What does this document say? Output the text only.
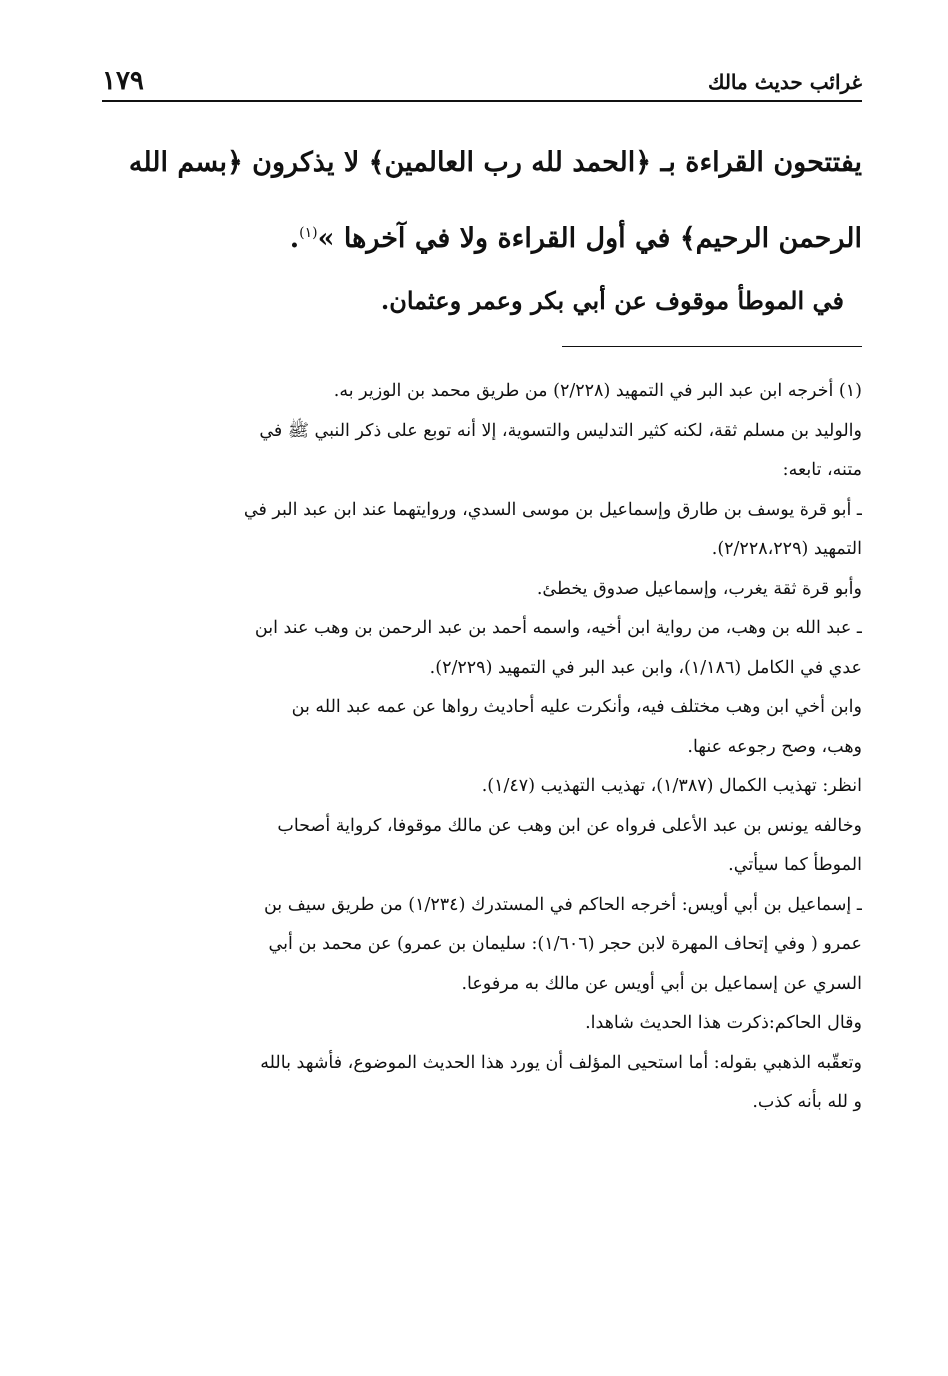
غرائب حديث مالك
١٧٩
يفتتحون القراءة بـ ﴿الحمد لله رب العالمين﴾ لا يذكرون ﴿بسم الله
الرحمن الرحيم﴾ في أول القراءة ولا في آخرها »$^{(١)}$.
في الموطأ موقوف عن أبي بكر وعمر وعثمان.
(١) أخرجه ابن عبد البر في التمهيد (٢/٢٢٨) من طريق محمد بن الوزير به.
والوليد بن مسلم ثقة، لكنه كثير التدليس والتسوية، إلا أنه توبع على ذكر النبي ﷺ في
متنه، تابعه:
ـ أبو قرة يوسف بن طارق وإسماعيل بن موسى السدي، وروايتهما عند ابن عبد البر في
التمهيد (٢/٢٢٨،٢٢٩).
وأبو قرة ثقة يغرب، وإسماعيل صدوق يخطئ.
ـ عبد الله بن وهب، من رواية ابن أخيه، واسمه أحمد بن عبد الرحمن بن وهب عند ابن
عدي في الكامل (١/١٨٦)، وابن عبد البر في التمهيد (٢/٢٢٩).
وابن أخي ابن وهب مختلف فيه، وأنكرت عليه أحاديث رواها عن عمه عبد الله بن
وهب، وصح رجوعه عنها.
انظر: تهذيب الكمال (١/٣٨٧)، تهذيب التهذيب (١/٤٧).
وخالفه يونس بن عبد الأعلى فرواه عن ابن وهب عن مالك موقوفا، كرواية أصحاب
الموطأ كما سيأتي.
ـ إسماعيل بن أبي أويس: أخرجه الحاكم في المستدرك (١/٢٣٤) من طريق سيف بن
عمرو ( وفي إتحاف المهرة لابن حجر (١/٦٠٦): سليمان بن عمرو) عن محمد بن أبي
السري عن إسماعيل بن أبي أويس عن مالك به مرفوعا.
وقال الحاكم:ذكرت هذا الحديث شاهدا.
وتعقّبه الذهبي بقوله: أما استحيى المؤلف أن يورد هذا الحديث الموضوع، فأشهد بالله
و لله بأنه كذب.
